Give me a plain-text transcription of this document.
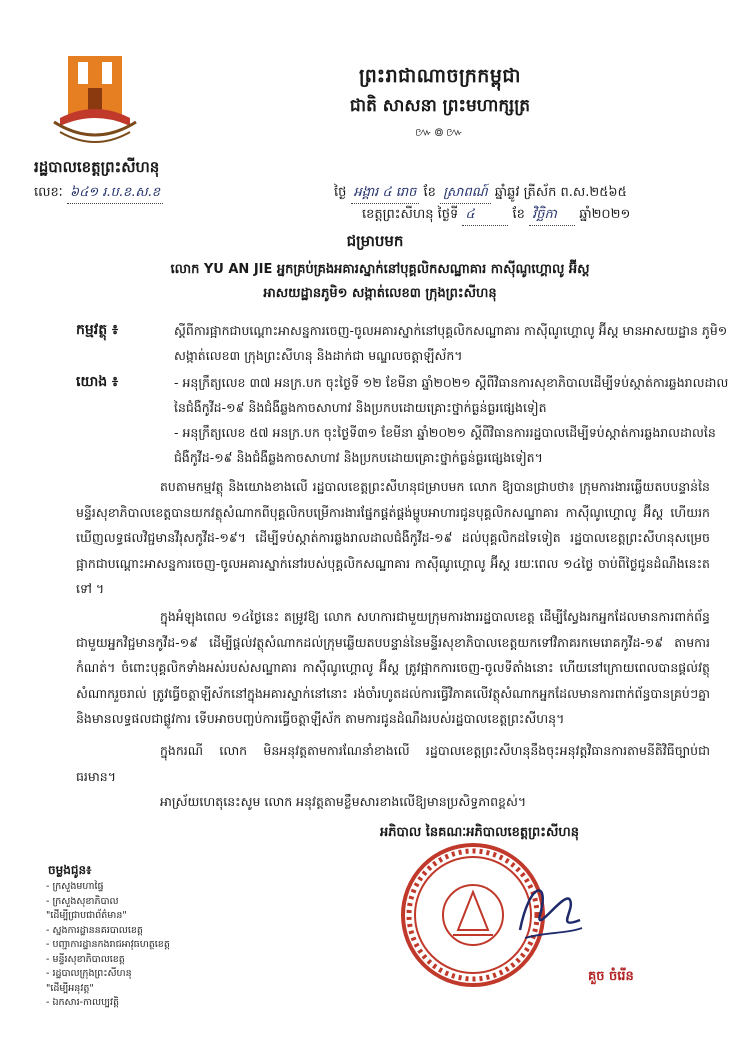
ព្រះរាជាណាចក្រកម្ពុជា
ជាតិ សាសនា ព្រះមហាក្សត្រ
៚៙៚
រដ្ឋបាលខេត្តព្រះសីហនុ
លេខៈ ៦៤១ រ.ប.ខ.ស.ខ	ថ្ងៃ អង្គារ ៤ រោច ខែ ស្រាពណ៍ ឆ្នាំឆ្លូវ ត្រីស័ក ព.ស.២៥៦៥
ខេត្តព្រះសីហនុ ថ្ងៃទី ៤	ខែ វិច្ឆិកា ឆ្នាំ២០២១
ជម្រាបមក
លោក YU AN JIE អ្នកគ្រប់គ្រងអគារស្នាក់នៅបុគ្គលិកសណ្ឋាគារ កាស៊ីណូហ្គោលូ អ៊ីស្ត
អាសយដ្ឋានភូមិ១ សង្កាត់លេខ៣ ក្រុងព្រះសីហនុ
កម្មវត្ថុ ៖	ស្តីពីការផ្អាកជាបណ្តោះអាសន្នការចេញ-ចូលអគារស្នាក់នៅបុគ្គលិកសណ្ឋាគារ កាស៊ីណូហ្គោលូ អ៊ីស្ត មានអាសយដ្ឋាន ភូមិ១ សង្កាត់លេខ៣ ក្រុងព្រះសីហនុ និងដាក់ជា មណ្ឌលចត្តាឡីស័ក។
យោង ៖	- អនុក្រឹត្យលេខ ៣៧ អនក្រ.បក ចុះថ្ងៃទី ១២ ខែមីនា ឆ្នាំ២០២១ ស្តីពីវិធានការសុខាភិបាលដើម្បីទប់ស្កាត់ការឆ្លងរាលដាលនៃជំងឺកូវីដ-១៩ និងជំងឺឆ្លងកាចសាហាវ និងប្រកបដោយគ្រោះថ្នាក់ធ្ងន់ធ្ងរផ្សេងទៀត
- អនុក្រឹត្យលេខ ៥៧ អនក្រ.បក ចុះថ្ងៃទី៣១ ខែមីនា ឆ្នាំ២០២១ ស្តីពីវិធានការរដ្ឋបាលដើម្បីទប់ស្កាត់ការឆ្លងរាលដាលនៃជំងឺកូវីដ-១៩ និងជំងឺឆ្លងកាចសាហាវ និងប្រកបដោយគ្រោះថ្នាក់ធ្ងន់ធ្ងរផ្សេងទៀត។
តបតាមកម្មវត្ថុ និងយោងខាងលើ រដ្ឋបាលខេត្តព្រះសីហនុជម្រាបមក លោក ឱ្យបានជ្រាបថា៖ ក្រុមការងារឆ្លើយតបបន្ទាន់នៃមន្ទីរសុខាភិបាលខេត្តបានយកវត្ថុសំណាកពីបុគ្គលិកបម្រើការងារផ្នែកផ្គត់ផ្គង់ម្ហូបអាហារជូនបុគ្គលិកសណ្ឋាគារ កាស៊ីណូហ្គោលូ អ៊ីស្ត ហើយរកឃើញលទ្ធផលវិជ្ជមានវីរុសកូវីដ-១៩។ ដើម្បីទប់ស្កាត់ការឆ្លងរាលដាលជំងឺកូវីដ-១៩ ដល់បុគ្គលិកដទៃទៀត រដ្ឋបាលខេត្តព្រះសីហនុសម្រេចផ្អាកជាបណ្តោះអាសន្នការចេញ-ចូលអគារស្នាក់នៅរបស់បុគ្គលិកសណ្ឋាគារ កាស៊ីណូហ្គោលូ អ៊ីស្ត រយៈពេល ១៤ថ្ងៃ ចាប់ពីថ្ងៃជូនដំណឹងនេះតទៅ ។
ក្នុងអំឡុងពេល ១៤ថ្ងៃនេះ តម្រូវឱ្យ លោក សហការជាមួយក្រុមការងាររដ្ឋបាលខេត្ត ដើម្បីស្វែងរកអ្នកដែលមានការពាក់ព័ន្ធជាមួយអ្នកវិជ្ជមានកូវីដ-១៩ ដើម្បីផ្តល់វត្ថុសំណាកដល់ក្រុមឆ្លើយតបបន្ទាន់នៃមន្ទីរសុខាភិបាលខេត្តយកទៅវិភាគរកមេរោគកូវីដ-១៩ តាមការកំណត់។ ចំពោះបុគ្គលិកទាំងអស់របស់សណ្ឋាគារ កាស៊ីណូហ្គោលូ អ៊ីស្ត ត្រូវផ្អាកការចេញ-ចូលទីតាំងនោះ ហើយនៅក្រោយពេលបានផ្តល់វត្ថុសំណាករួចរាល់ ត្រូវធ្វើចត្តាឡីស័កនៅក្នុងអគារស្នាក់នៅនោះ រង់ចាំរហូតដល់ការធ្វើវិភាគលើវត្ថុសំណាកអ្នកដែលមានការពាក់ព័ន្ធបានគ្រប់ៗគ្នា និងមានលទ្ធផលជាផ្លូវការ ទើបអាចបញ្ចប់ការធ្វើចត្តាឡីស័ក តាមការជូនដំណឹងរបស់រដ្ឋបាលខេត្តព្រះសីហនុ។
ក្នុងករណី លោក មិនអនុវត្តតាមការណែនាំខាងលើ រដ្ឋបាលខេត្តព្រះសីហនុនឹងចុះអនុវត្តវិធានការតាមនីតិវិធីច្បាប់ជាធរមាន។
អាស្រ័យហេតុនេះសូម លោក អនុវត្តតាមខ្លឹមសារខាងលើឱ្យមានប្រសិទ្ធភាពខ្ពស់។
អភិបាល នៃគណៈអភិបាលខេត្តព្រះសីហនុ
គួច ចំរើន
ចម្លងជូន៖
- ក្រសួងមហាផ្ទៃ
- ក្រសួងសុខាភិបាល
"ដើម្បីជ្រាបជាព័ត៌មាន"
- ស្នងការដ្ឋាននគរបាលខេត្ត
- បញ្ជាការដ្ឋានកងរាជអាវុធហត្ថខេត្ត
- មន្ទីរសុខាភិបាលខេត្ត
- រដ្ឋបាលក្រុងព្រះសីហនុ
"ដើម្បីអនុវត្ត"
- ឯកសារ-កាលប្បវត្តិ
